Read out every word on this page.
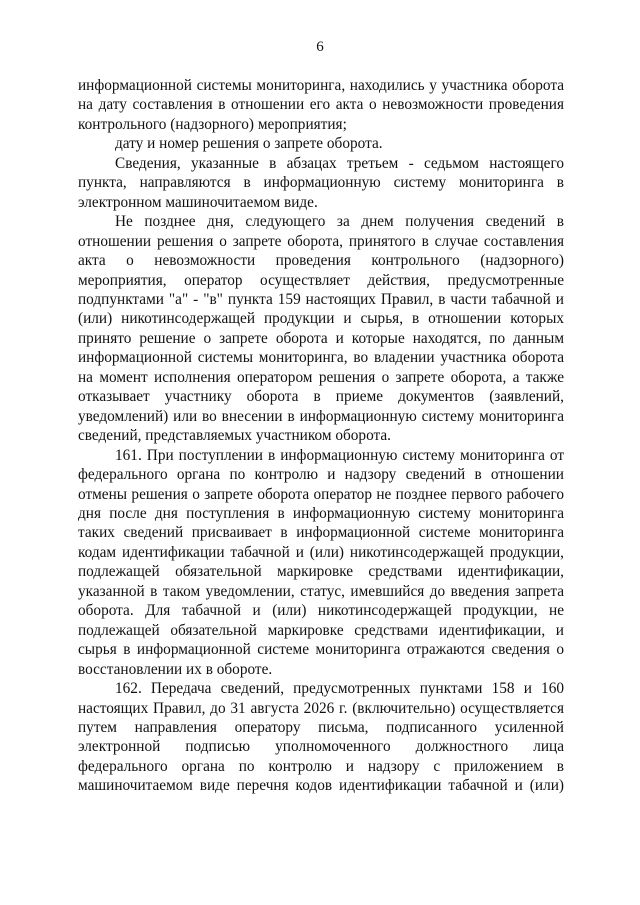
6

информационной системы мониторинга, находились у участника оборота на дату составления в отношении его акта о невозможности проведения контрольного (надзорного) мероприятия;

дату и номер решения о запрете оборота.

Сведения, указанные в абзацах третьем - седьмом настоящего пункта, направляются в информационную систему мониторинга в электронном машиночитаемом виде.

Не позднее дня, следующего за днем получения сведений в отношении решения о запрете оборота, принятого в случае составления акта о невозможности проведения контрольного (надзорного) мероприятия, оператор осуществляет действия, предусмотренные подпунктами "а" - "в" пункта 159 настоящих Правил, в части табачной и (или) никотинсодержащей продукции и сырья, в отношении которых принято решение о запрете оборота и которые находятся, по данным информационной системы мониторинга, во владении участника оборота на момент исполнения оператором решения о запрете оборота, а также отказывает участнику оборота в приеме документов (заявлений, уведомлений) или во внесении в информационную систему мониторинга сведений, представляемых участником оборота.

161. При поступлении в информационную систему мониторинга от федерального органа по контролю и надзору сведений в отношении отмены решения о запрете оборота оператор не позднее первого рабочего дня после дня поступления в информационную систему мониторинга таких сведений присваивает в информационной системе мониторинга кодам идентификации табачной и (или) никотинсодержащей продукции, подлежащей обязательной маркировке средствами идентификации, указанной в таком уведомлении, статус, имевшийся до введения запрета оборота. Для табачной и (или) никотинсодержащей продукции, не подлежащей обязательной маркировке средствами идентификации, и сырья в информационной системе мониторинга отражаются сведения о восстановлении их в обороте.

162. Передача сведений, предусмотренных пунктами 158 и 160 настоящих Правил, до 31 августа 2026 г. (включительно) осуществляется путем направления оператору письма, подписанного усиленной электронной подписью уполномоченного должностного лица федерального органа по контролю и надзору с приложением в машиночитаемом виде перечня кодов идентификации табачной и (или)
